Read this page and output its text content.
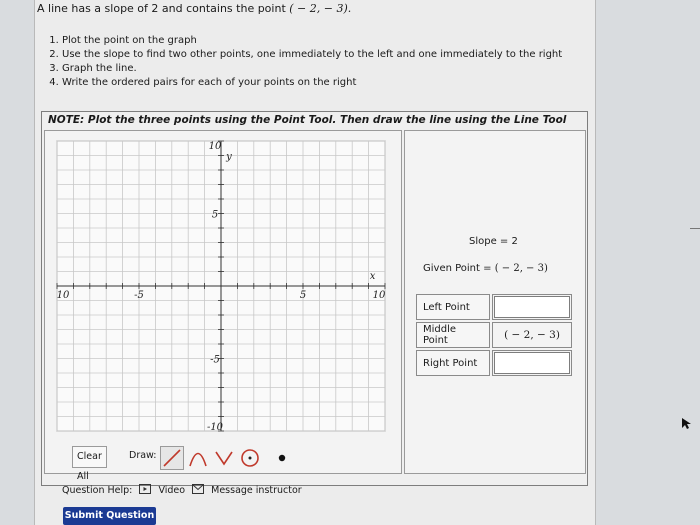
A line has a slope of 2 and contains the point ( − 2, − 3).
1. Plot the point on the graph
2. Use the slope to find two other points, one immediately to the left and one immediately to the right
3. Graph the line.
4. Write the ordered pairs for each of your points on the right
NOTE: Plot the three points using the Point Tool. Then draw the line using the Line Tool
10
y
5
-5
-10
x
10	-5	5	10
Slope = 2
Given Point = ( − 2, − 3)
Left Point	

Middle Point	( − 2, − 3)

Right Point	
Clear All
Draw:
Question Help:	Video	Message instructor
Submit Question
